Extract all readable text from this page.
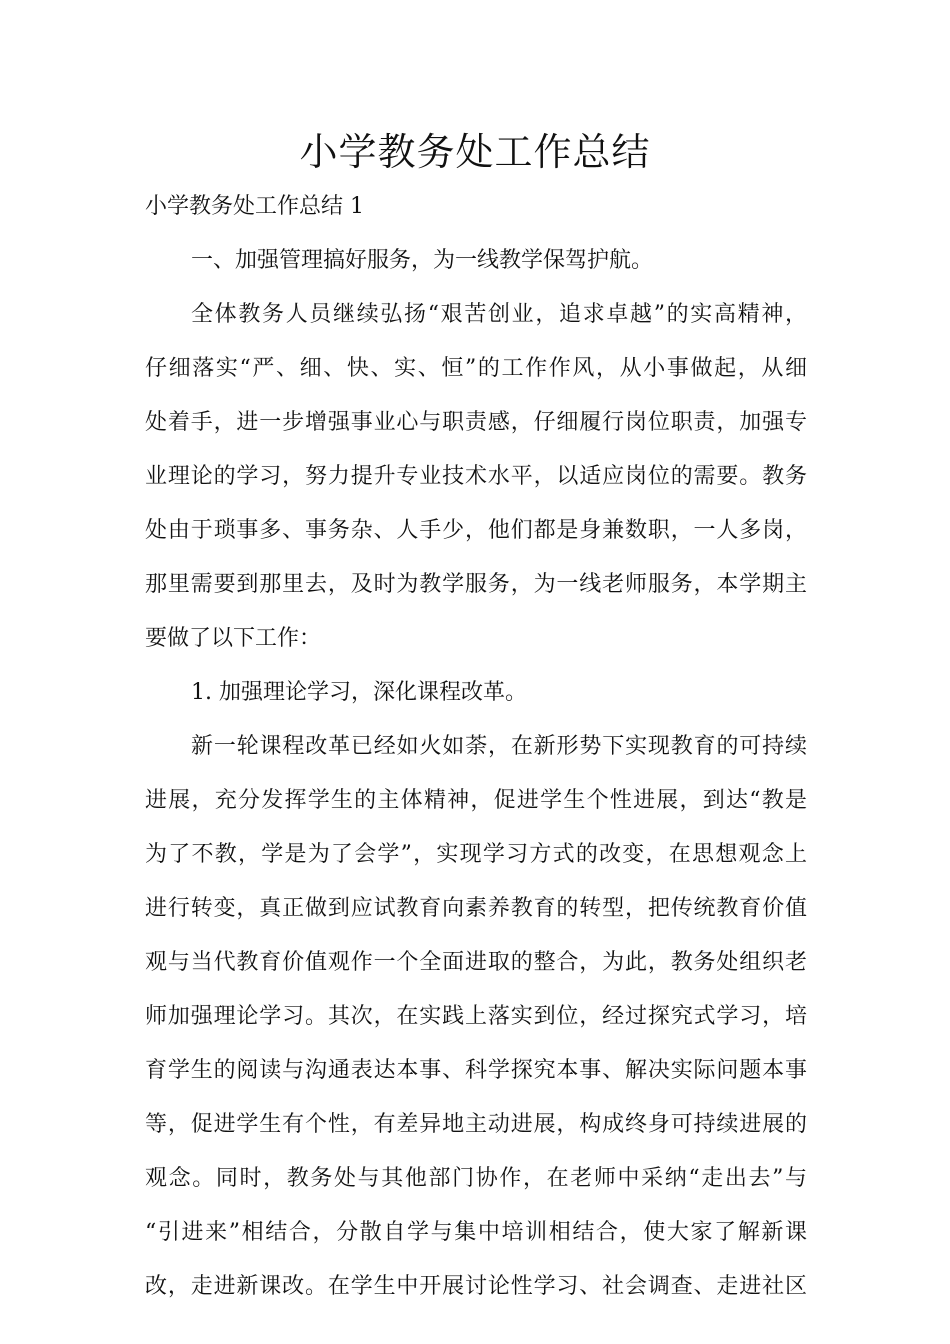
小学教务处工作总结
小学教务处工作总结 1
一、加强管理搞好服务，为一线教学保驾护航。
全体教务人员继续弘扬“艰苦创业，追求卓越”的实高精神，
仔细落实“严、细、快、实、恒”的工作作风，从小事做起，从细
处着手，进一步增强事业心与职责感，仔细履行岗位职责，加强专
业理论的学习，努力提升专业技术水平，以适应岗位的需要。教务
处由于琐事多、事务杂、人手少，他们都是身兼数职，一人多岗，
那里需要到那里去，及时为教学服务，为一线老师服务，本学期主
要做了以下工作：
1. 加强理论学习，深化课程改革。
新一轮课程改革已经如火如荼，在新形势下实现教育的可持续
进展，充分发挥学生的主体精神，促进学生个性进展，到达“教是
为了不教，学是为了会学”，实现学习方式的改变，在思想观念上
进行转变，真正做到应试教育向素养教育的转型，把传统教育价值
观与当代教育价值观作一个全面进取的整合，为此，教务处组织老
师加强理论学习。其次，在实践上落实到位，经过探究式学习，培
育学生的阅读与沟通表达本事、科学探究本事、解决实际问题本事
等，促进学生有个性，有差异地主动进展，构成终身可持续进展的
观念。同时，教务处与其他部门协作，在老师中采纳“走出去”与
“引进来”相结合，分散自学与集中培训相结合，使大家了解新课
改，走进新课改。在学生中开展讨论性学习、社会调查、走进社区
